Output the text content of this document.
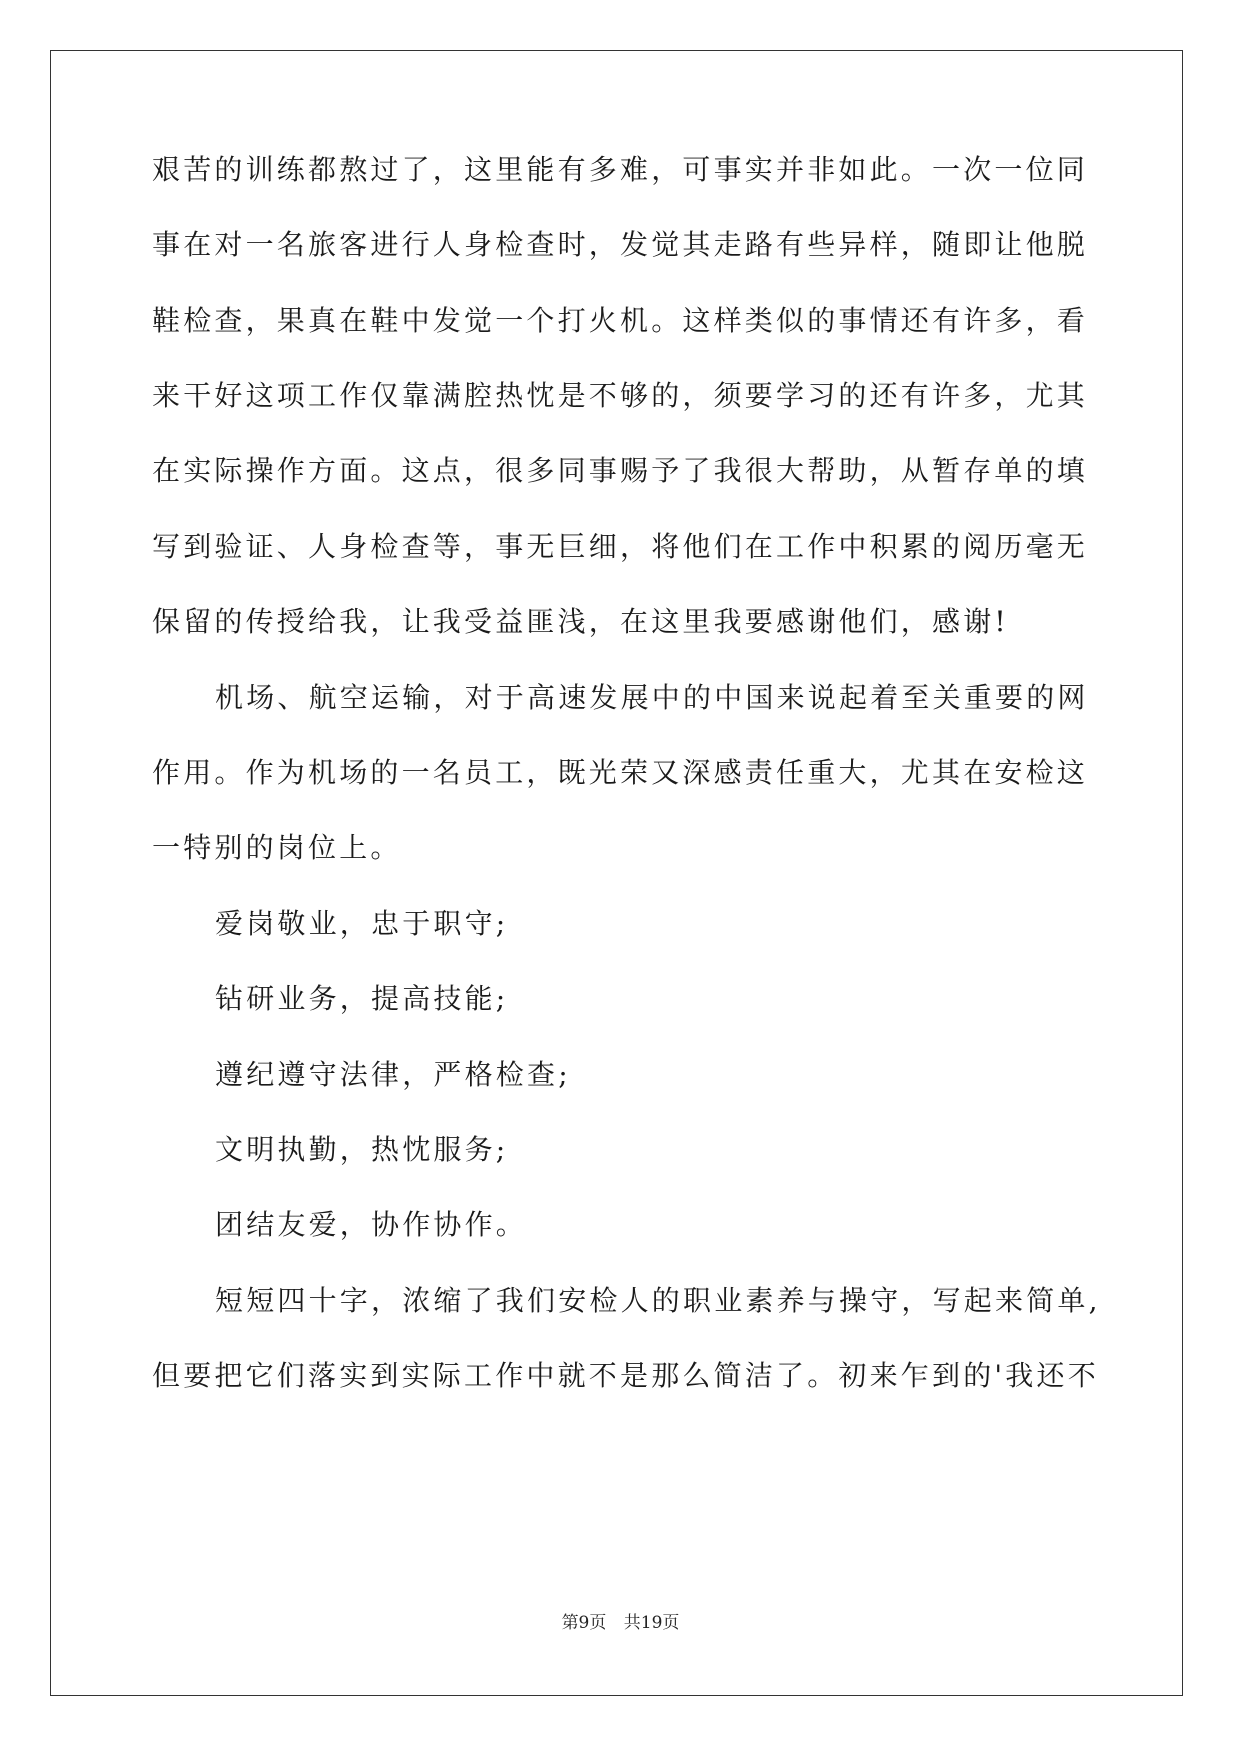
艰苦的训练都熬过了，这里能有多难，可事实并非如此。一次一位同
事在对一名旅客进行人身检查时，发觉其走路有些异样，随即让他脱
鞋检查，果真在鞋中发觉一个打火机。这样类似的事情还有许多，看
来干好这项工作仅靠满腔热忱是不够的，须要学习的还有许多，尤其
在实际操作方面。这点，很多同事赐予了我很大帮助，从暂存单的填
写到验证、人身检查等，事无巨细，将他们在工作中积累的阅历毫无
保留的传授给我，让我受益匪浅，在这里我要感谢他们，感谢!
机场、航空运输，对于高速发展中的中国来说起着至关重要的网
作用。作为机场的一名员工，既光荣又深感责任重大，尤其在安检这
一特别的岗位上。
爱岗敬业，忠于职守;
钻研业务，提高技能;
遵纪遵守法律，严格检查;
文明执勤，热忱服务;
团结友爱，协作协作。
短短四十字，浓缩了我们安检人的职业素养与操守，写起来简单,
但要把它们落实到实际工作中就不是那么简洁了。初来乍到的'我还不
第9页 共19页
